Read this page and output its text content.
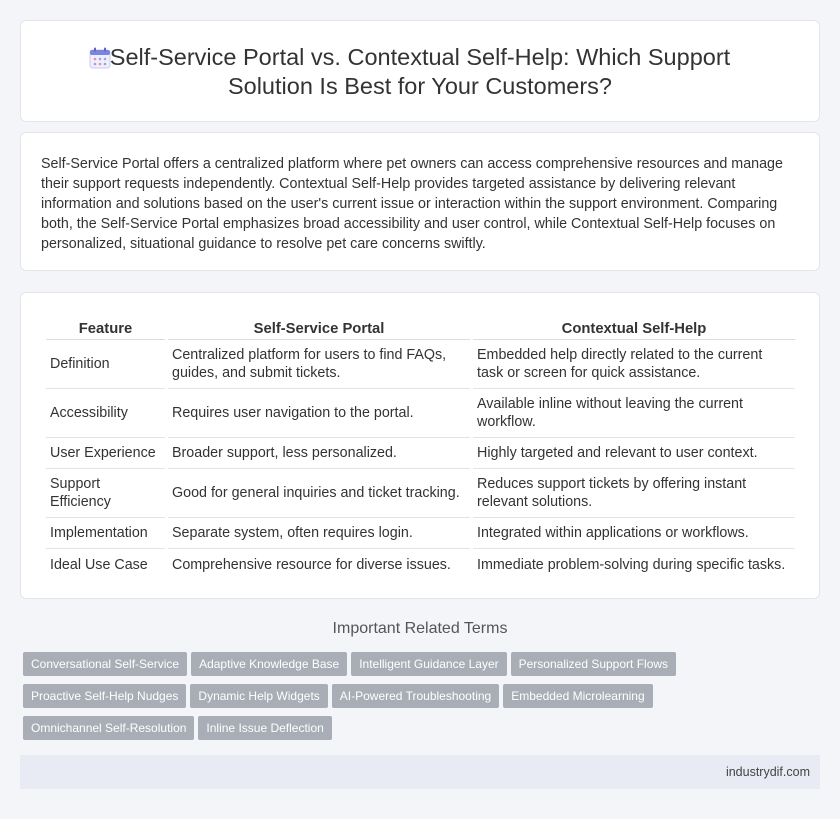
Self-Service Portal vs. Contextual Self-Help: Which Support
Solution Is Best for Your Customers?

Self-Service Portal offers a centralized platform where pet owners can access comprehensive resources and manage their support requests independently. Contextual Self-Help provides targeted assistance by delivering relevant information and solutions based on the user's current issue or interaction within the support environment. Comparing both, the Self-Service Portal emphasizes broad accessibility and user control, while Contextual Self-Help focuses on personalized, situational guidance to resolve pet care concerns swiftly.

Feature	Self-Service Portal	Contextual Self-Help
Definition	Centralized platform for users to find FAQs, guides, and submit tickets.	Embedded help directly related to the current task or screen for quick assistance.
Accessibility	Requires user navigation to the portal.	Available inline without leaving the current workflow.
User Experience	Broader support, less personalized.	Highly targeted and relevant to user context.
Support Efficiency	Good for general inquiries and ticket tracking.	Reduces support tickets by offering instant relevant solutions.
Implementation	Separate system, often requires login.	Integrated within applications or workflows.
Ideal Use Case	Comprehensive resource for diverse issues.	Immediate problem-solving during specific tasks.
Important Related Terms
Conversational Self-Service Adaptive Knowledge Base Intelligent Guidance Layer Personalized Support Flows
Proactive Self-Help Nudges Dynamic Help Widgets AI-Powered Troubleshooting Embedded Microlearning
Omnichannel Self-Resolution Inline Issue Deflection
industrydif.com
